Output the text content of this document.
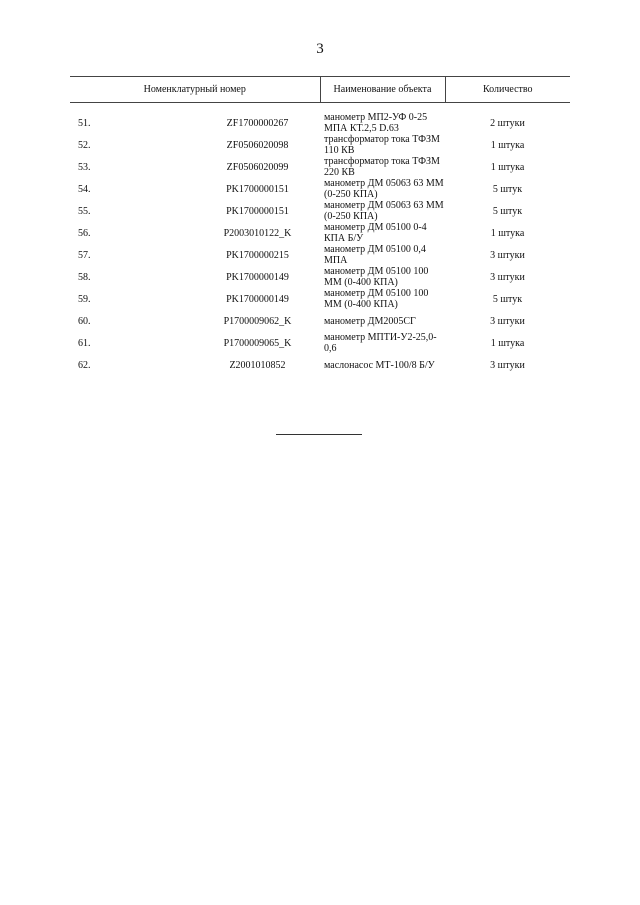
3
Номенклатурный номер		Наименование объекта	Количество

51.	ZF1700000267	манометр МП2-УФ 0-25 МПА КТ.2,5 D.63	2 штуки
52.	ZF0506020098	трансформатор тока ТФЗМ 110 КВ	1 штука
53.	ZF0506020099	трансформатор тока ТФЗМ 220 КВ	1 штука
54.	PK1700000151	манометр ДМ 05063 63 ММ (0-250 КПА)	5 штук
55.	PK1700000151	манометр ДМ 05063 63 ММ (0-250 КПА)	5 штук
56.	P2003010122_K	манометр ДМ 05100 0-4 КПА Б/У	1 штука
57.	PK1700000215	манометр ДМ 05100 0,4 МПА	3 штуки
58.	PK1700000149	манометр ДМ 05100 100 ММ (0-400 КПА)	3 штуки
59.	PK1700000149	манометр ДМ 05100 100 ММ (0-400 КПА)	5 штук
60.	P1700009062_K	манометр ДМ2005СГ	3 штуки
61.	P1700009065_K	манометр МПТИ-У2-25,0-0,6	1 штука
62.	Z2001010852	маслонасос МТ-100/8 Б/У	3 штуки
